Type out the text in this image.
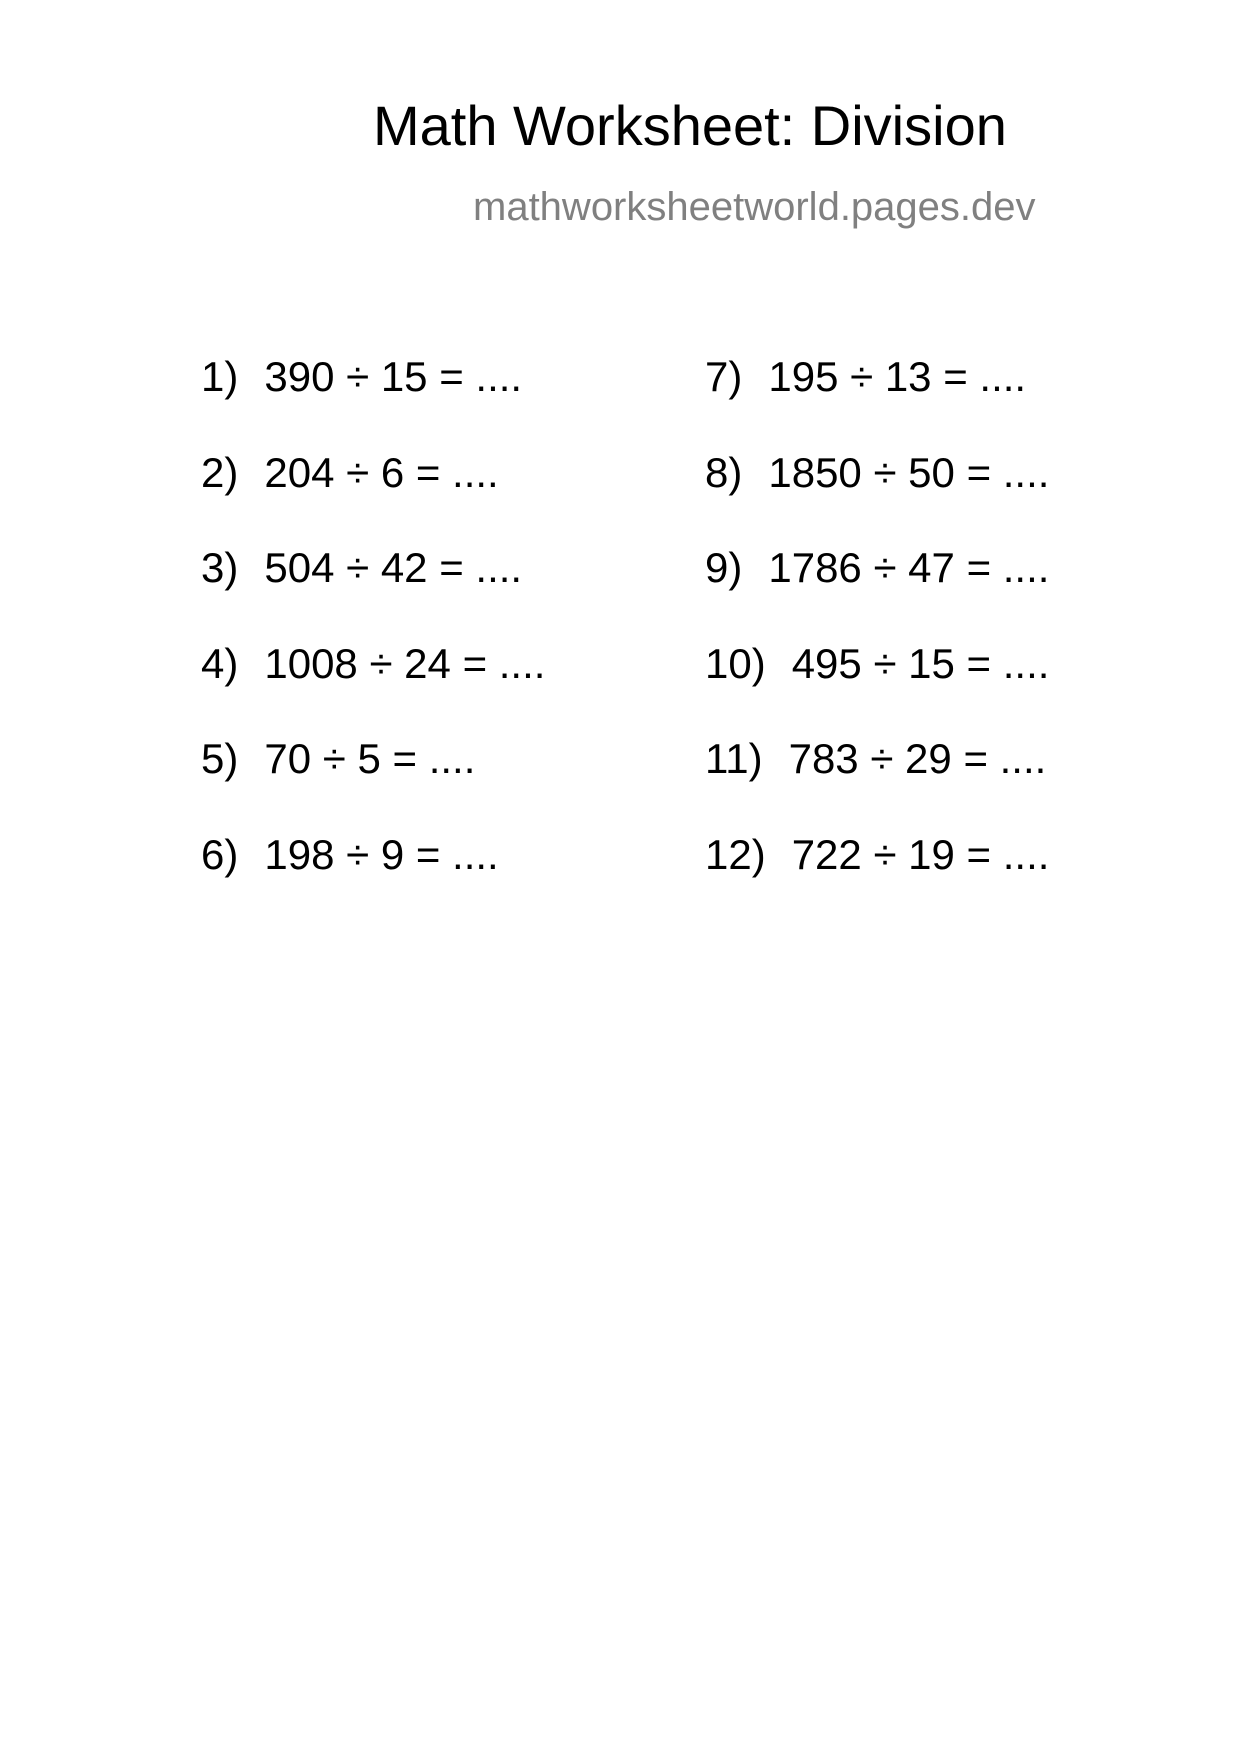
Math Worksheet: Division
mathworksheetworld.pages.dev
1) 390 ÷ 15 = ....
2) 204 ÷ 6 = ....
3) 504 ÷ 42 = ....
4) 1008 ÷ 24 = ....
5) 70 ÷ 5 = ....
6) 198 ÷ 9 = ....
7) 195 ÷ 13 = ....
8) 1850 ÷ 50 = ....
9) 1786 ÷ 47 = ....
10) 495 ÷ 15 = ....
11) 783 ÷ 29 = ....
12) 722 ÷ 19 = ....
